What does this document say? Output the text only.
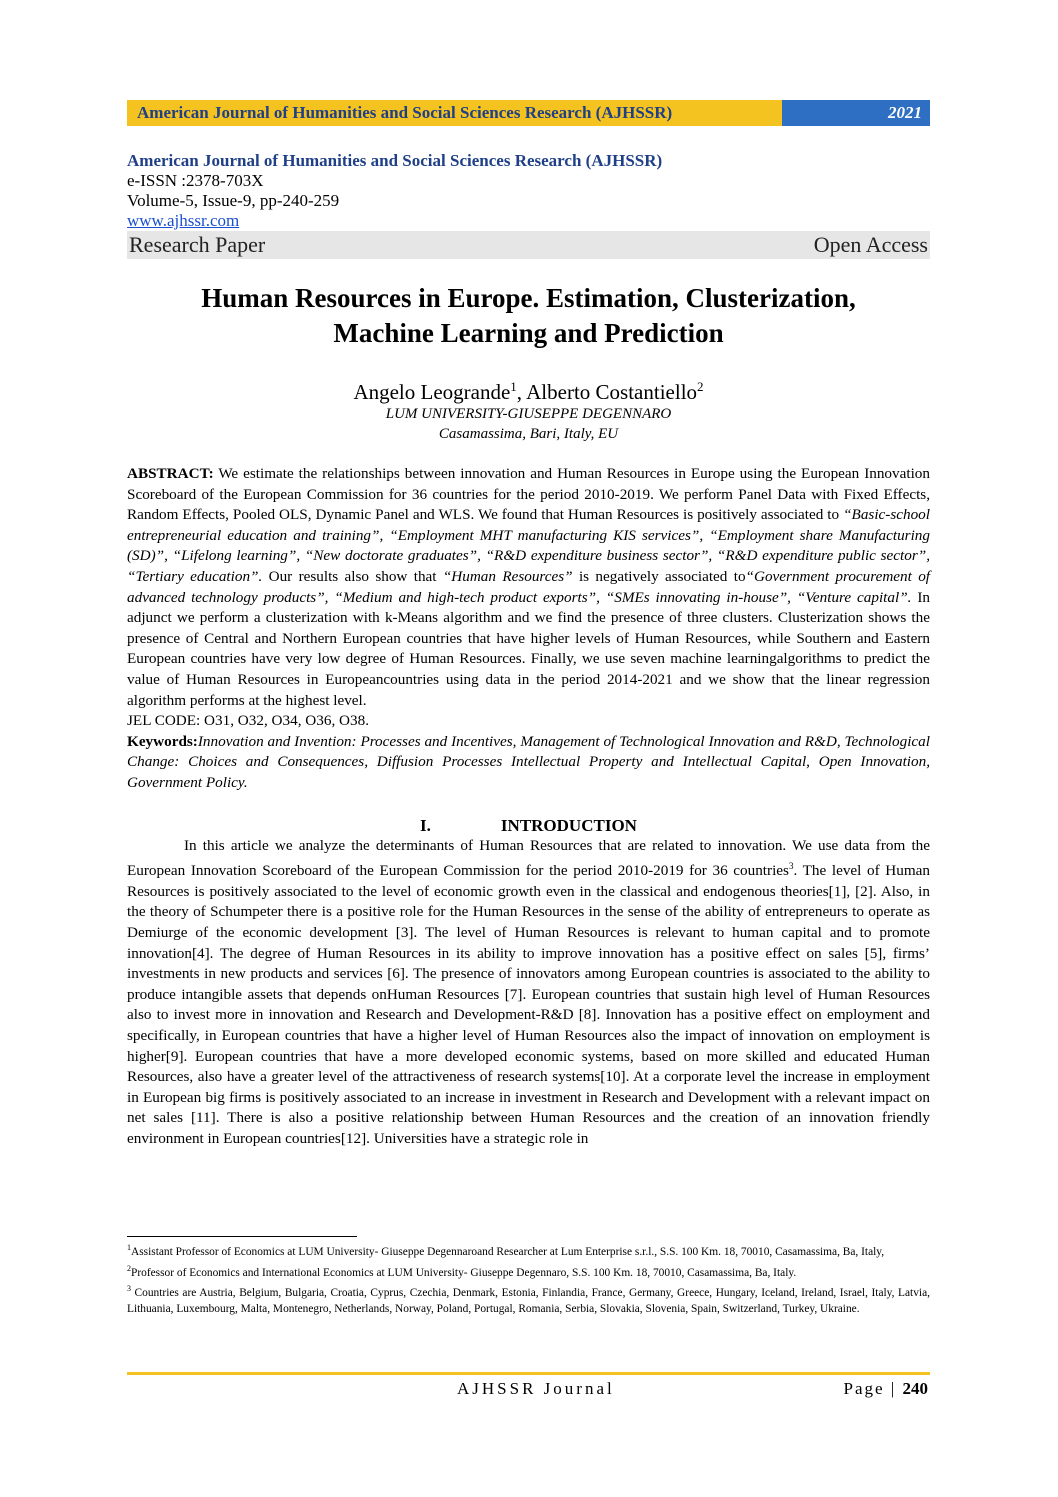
American Journal of Humanities and Social Sciences Research (AJHSSR)	2021
American Journal of Humanities and Social Sciences Research (AJHSSR)
e-ISSN :2378-703X
Volume-5, Issue-9, pp-240-259
www.ajhssr.com
Research Paper	Open Access
Human Resources in Europe. Estimation, Clusterization,
Machine Learning and Prediction
Angelo Leogrande$^1$, Alberto Costantiello$^2$
LUM UNIVERSITY-GIUSEPPE DEGENNARO
Casamassima, Bari, Italy, EU
ABSTRACT: We estimate the relationships between innovation and Human Resources in Europe using the European Innovation Scoreboard of the European Commission for 36 countries for the period 2010-2019. We perform Panel Data with Fixed Effects, Random Effects, Pooled OLS, Dynamic Panel and WLS. We found that Human Resources is positively associated to “Basic-school entrepreneurial education and training”, “Employment MHT manufacturing KIS services”, “Employment share Manufacturing (SD)”, “Lifelong learning”, “New doctorate graduates”, “R&D expenditure business sector”, “R&D expenditure public sector”, “Tertiary education”. Our results also show that “Human Resources” is negatively associated to“Government procurement of advanced technology products”, “Medium and high-tech product exports”, “SMEs innovating in-house”, “Venture capital”. In adjunct we perform a clusterization with k-Means algorithm and we find the presence of three clusters. Clusterization shows the presence of Central and Northern European countries that have higher levels of Human Resources, while Southern and Eastern European countries have very low degree of Human Resources. Finally, we use seven machine learningalgorithms to predict the value of Human Resources in Europeancountries using data in the period 2014-2021 and we show that the linear regression algorithm performs at the highest level.
JEL CODE: O31, O32, O34, O36, O38.
Keywords:Innovation and Invention: Processes and Incentives, Management of Technological Innovation and R&D, Technological Change: Choices and Consequences, Diffusion Processes Intellectual Property and Intellectual Capital, Open Innovation, Government Policy.
I.	INTRODUCTION

In this article we analyze the determinants of Human Resources that are related to innovation. We use data from the European Innovation Scoreboard of the European Commission for the period 2010-2019 for 36 countries$^3$. The level of Human Resources is positively associated to the level of economic growth even in the classical and endogenous theories[1], [2]. Also, in the theory of Schumpeter there is a positive role for the Human Resources in the sense of the ability of entrepreneurs to operate as Demiurge of the economic development [3]. The level of Human Resources is relevant to human capital and to promote innovation[4]. The degree of Human Resources in its ability to improve innovation has a positive effect on sales [5], firms’ investments in new products and services [6]. The presence of innovators among European countries is associated to the ability to produce intangible assets that depends onHuman Resources [7]. European countries that sustain high level of Human Resources also to invest more in innovation and Research and Development-R&D [8]. Innovation has a positive effect on employment and specifically, in European countries that have a higher level of Human Resources also the impact of innovation on employment is higher[9]. European countries that have a more developed economic systems, based on more skilled and educated Human Resources, also have a greater level of the attractiveness of research systems[10]. At a corporate level the increase in employment in European big firms is positively associated to an increase in investment in Research and Development with a relevant impact on net sales [11]. There is also a positive relationship between Human Resources and the creation of an innovation friendly environment in European countries[12]. Universities have a strategic role in

$^1$Assistant Professor of Economics at LUM University- Giuseppe Degennaroand Researcher at Lum Enterprise s.r.l., S.S. 100 Km. 18, 70010, Casamassima, Ba, Italy,
$^2$Professor of Economics and International Economics at LUM University- Giuseppe Degennaro, S.S. 100 Km. 18, 70010, Casamassima, Ba, Italy.
$^3$ Countries are Austria, Belgium, Bulgaria, Croatia, Cyprus, Czechia, Denmark, Estonia, Finlandia, France, Germany, Greece, Hungary, Iceland, Ireland, Israel, Italy, Latvia, Lithuania, Luxembourg, Malta, Montenegro, Netherlands, Norway, Poland, Portugal, Romania, Serbia, Slovakia, Slovenia, Spain, Switzerland, Turkey, Ukraine.
AJHSSR Journal	Page | 240
